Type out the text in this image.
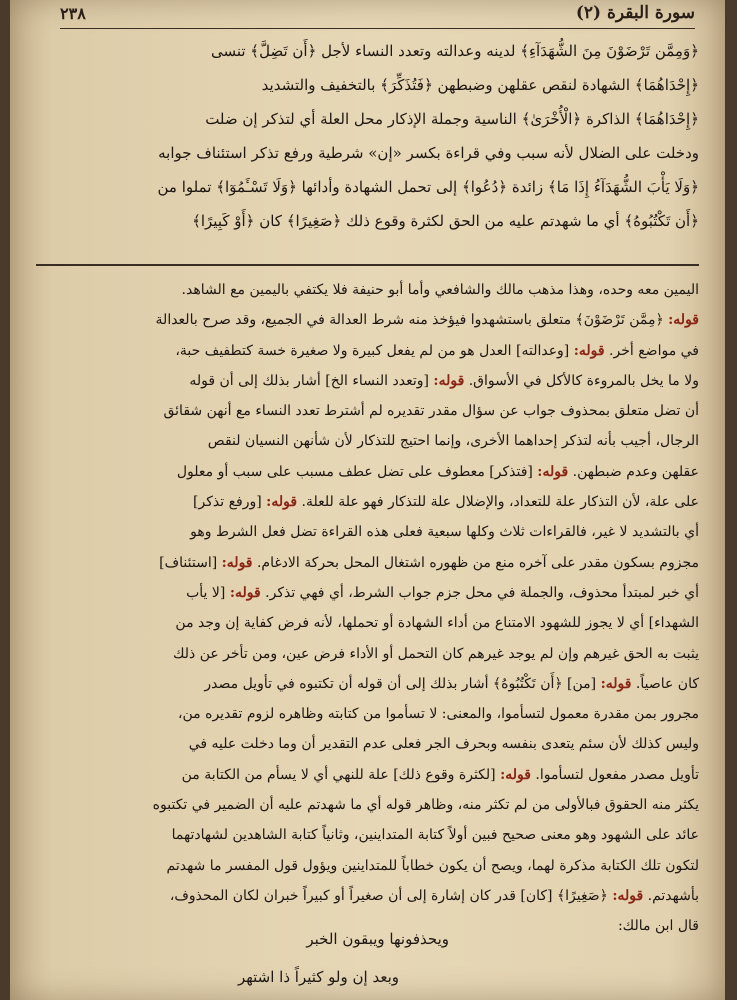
٢٣٨	(٢) سورة البقرة
﴿وَمِمَّن تَرْضَوْنَ مِنَ الشُّهَدَآءِ﴾ لدينه وعدالته وتعدد النساء لأجل ﴿أَن تَضِلَّ﴾ تنسى
﴿إِحْدَاهُمَا﴾ الشهادة لنقص عقلهن وضبطهن ﴿فَتُذَكِّرَ﴾ بالتخفيف والتشديد
﴿إِحْدَاهُمَا﴾ الذاكرة ﴿الْأُخْرَىٰ﴾ الناسية وجملة الإذكار محل العلة أي لتذكر إن ضلت
ودخلت على الضلال لأنه سبب وفي قراءة بكسر «إن» شرطية ورفع تذكر استئناف جوابه
﴿وَلَا يَأْبَ الشُّهَدَآءُ إِذَا مَا﴾ زائدة ﴿دُعُوا﴾ إلى تحمل الشهادة وأدائها ﴿وَلَا تَسْـَٔمُوٓا﴾ تملوا من
﴿أَن تَكْتُبُوهُ﴾ أي ما شهدتم عليه من الحق لكثرة وقوع ذلك ﴿صَغِيرًا﴾ كان ﴿أَوْ كَبِيرًا﴾
اليمين معه وحده، وهذا مذهب مالك والشافعي وأما أبو حنيفة فلا يكتفي باليمين مع الشاهد.
قوله: ﴿مِمَّن تَرْضَوْنَ﴾ متعلق باستشهدوا فيؤخذ منه شرط العدالة في الجميع، وقد صرح بالعدالة
في مواضع أخر. قوله: [وعدالته] العدل هو من لم يفعل كبيرة ولا صغيرة خسة كتطفيف حبة،
ولا ما يخل بالمروءة كالأكل في الأسواق. قوله: [وتعدد النساء الخ] أشار بذلك إلى أن قوله
أن تضل متعلق بمحذوف جواب عن سؤال مقدر تقديره لم أشترط تعدد النساء مع أنهن شقائق
الرجال، أجيب بأنه لتذكر إحداهما الأخرى، وإنما احتيج للتذكار لأن شأنهن النسيان لنقص
عقلهن وعدم ضبطهن. قوله: [فتذكر] معطوف على تضل عطف مسبب على سبب أو معلول
على علة، لأن التذكار علة للتعداد، والإضلال علة للتذكار فهو علة للعلة. قوله: [ورفع تذكر]
أي بالتشديد لا غير، فالقراءات ثلاث وكلها سبعية فعلى هذه القراءة تضل فعل الشرط وهو
مجزوم بسكون مقدر على آخره منع من ظهوره اشتغال المحل بحركة الادغام. قوله: [استئناف]
أي خبر لمبتدأ محذوف، والجملة في محل جزم جواب الشرط، أي فهي تذكر. قوله: [لا يأب
الشهداء] أي لا يجوز للشهود الامتناع من أداء الشهادة أو تحملها، لأنه فرض كفاية إن وجد من
يثبت به الحق غيرهم وإن لم يوجد غيرهم كان التحمل أو الأداء فرض عين، ومن تأخر عن ذلك
كان عاصياً. قوله: [من] ﴿أَن تَكْتُبُوهُ﴾ أشار بذلك إلى أن قوله أن تكتبوه في تأويل مصدر
مجرور بمن مقدرة معمول لتسأموا، والمعنى: لا تسأموا من كتابته وظاهره لزوم تقديره من،
وليس كذلك لأن سئم يتعدى بنفسه وبحرف الجر فعلى عدم التقدير أن وما دخلت عليه في
تأويل مصدر مفعول لتسأموا. قوله: [لكثرة وقوع ذلك] علة للنهي أي لا يسأم من الكتابة من
يكثر منه الحقوق فبالأولى من لم تكثر منه، وظاهر قوله أي ما شهدتم عليه أن الضمير في تكتبوه
عائد على الشهود وهو معنى صحيح فبين أولاً كتابة المتداينين، وثانياً كتابة الشاهدين لشهادتهما
لتكون تلك الكتابة مذكرة لهما، ويصح أن يكون خطاباً للمتداينين ويؤول قول المفسر ما شهدتم
بأشهدتم. قوله: ﴿صَغِيرًا﴾ [كان] قدر كان إشارة إلى أن صغيراً أو كبيراً خبران لكان المحذوف،
قال ابن مالك:
ويحذفونها ويبقون الخبر
وبعد إن ولو كثيراً ذا اشتهر
